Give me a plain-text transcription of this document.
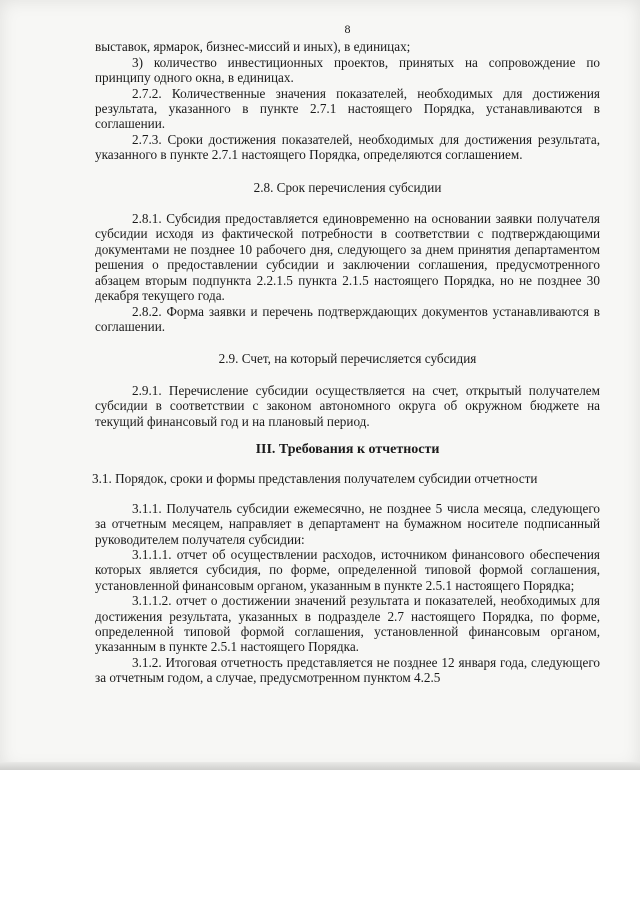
8

выставок, ярмарок, бизнес-миссий и иных), в единицах;

3) количество инвестиционных проектов, принятых на сопровождение по принципу одного окна, в единицах.

2.7.2. Количественные значения показателей, необходимых для достижения результата, указанного в пункте 2.7.1 настоящего Порядка, устанавливаются в соглашении.

2.7.3. Сроки достижения показателей, необходимых для достижения результата, указанного в пункте 2.7.1 настоящего Порядка, определяются соглашением.

2.8. Срок перечисления субсидии

2.8.1. Субсидия предоставляется единовременно на основании заявки получателя субсидии исходя из фактической потребности в соответствии с подтверждающими документами не позднее 10 рабочего дня, следующего за днем принятия департаментом решения о предоставлении субсидии и заключении соглашения, предусмотренного абзацем вторым подпункта 2.2.1.5 пункта 2.1.5 настоящего Порядка, но не позднее 30 декабря текущего года.

2.8.2. Форма заявки и перечень подтверждающих документов устанавливаются в соглашении.

2.9. Счет, на который перечисляется субсидия

2.9.1. Перечисление субсидии осуществляется на счет, открытый получателем субсидии в соответствии с законом автономного округа об окружном бюджете на текущий финансовый год и на плановый период.

III. Требования к отчетности
3.1. Порядок, сроки и формы представления получателем субсидии отчетности

3.1.1. Получатель субсидии ежемесячно, не позднее 5 числа месяца, следующего за отчетным месяцем, направляет в департамент на бумажном носителе подписанный руководителем получателя субсидии:

3.1.1.1. отчет об осуществлении расходов, источником финансового обеспечения которых является субсидия, по форме, определенной типовой формой соглашения, установленной финансовым органом, указанным в пункте 2.5.1 настоящего Порядка;

3.1.1.2. отчет о достижении значений результата и показателей, необходимых для достижения результата, указанных в подразделе 2.7 настоящего Порядка, по форме, определенной типовой формой соглашения, установленной финансовым органом, указанным в пункте 2.5.1 настоящего Порядка.

3.1.2. Итоговая отчетность представляется не позднее 12 января года, следующего за отчетным годом, а случае, предусмотренном пунктом 4.2.5
